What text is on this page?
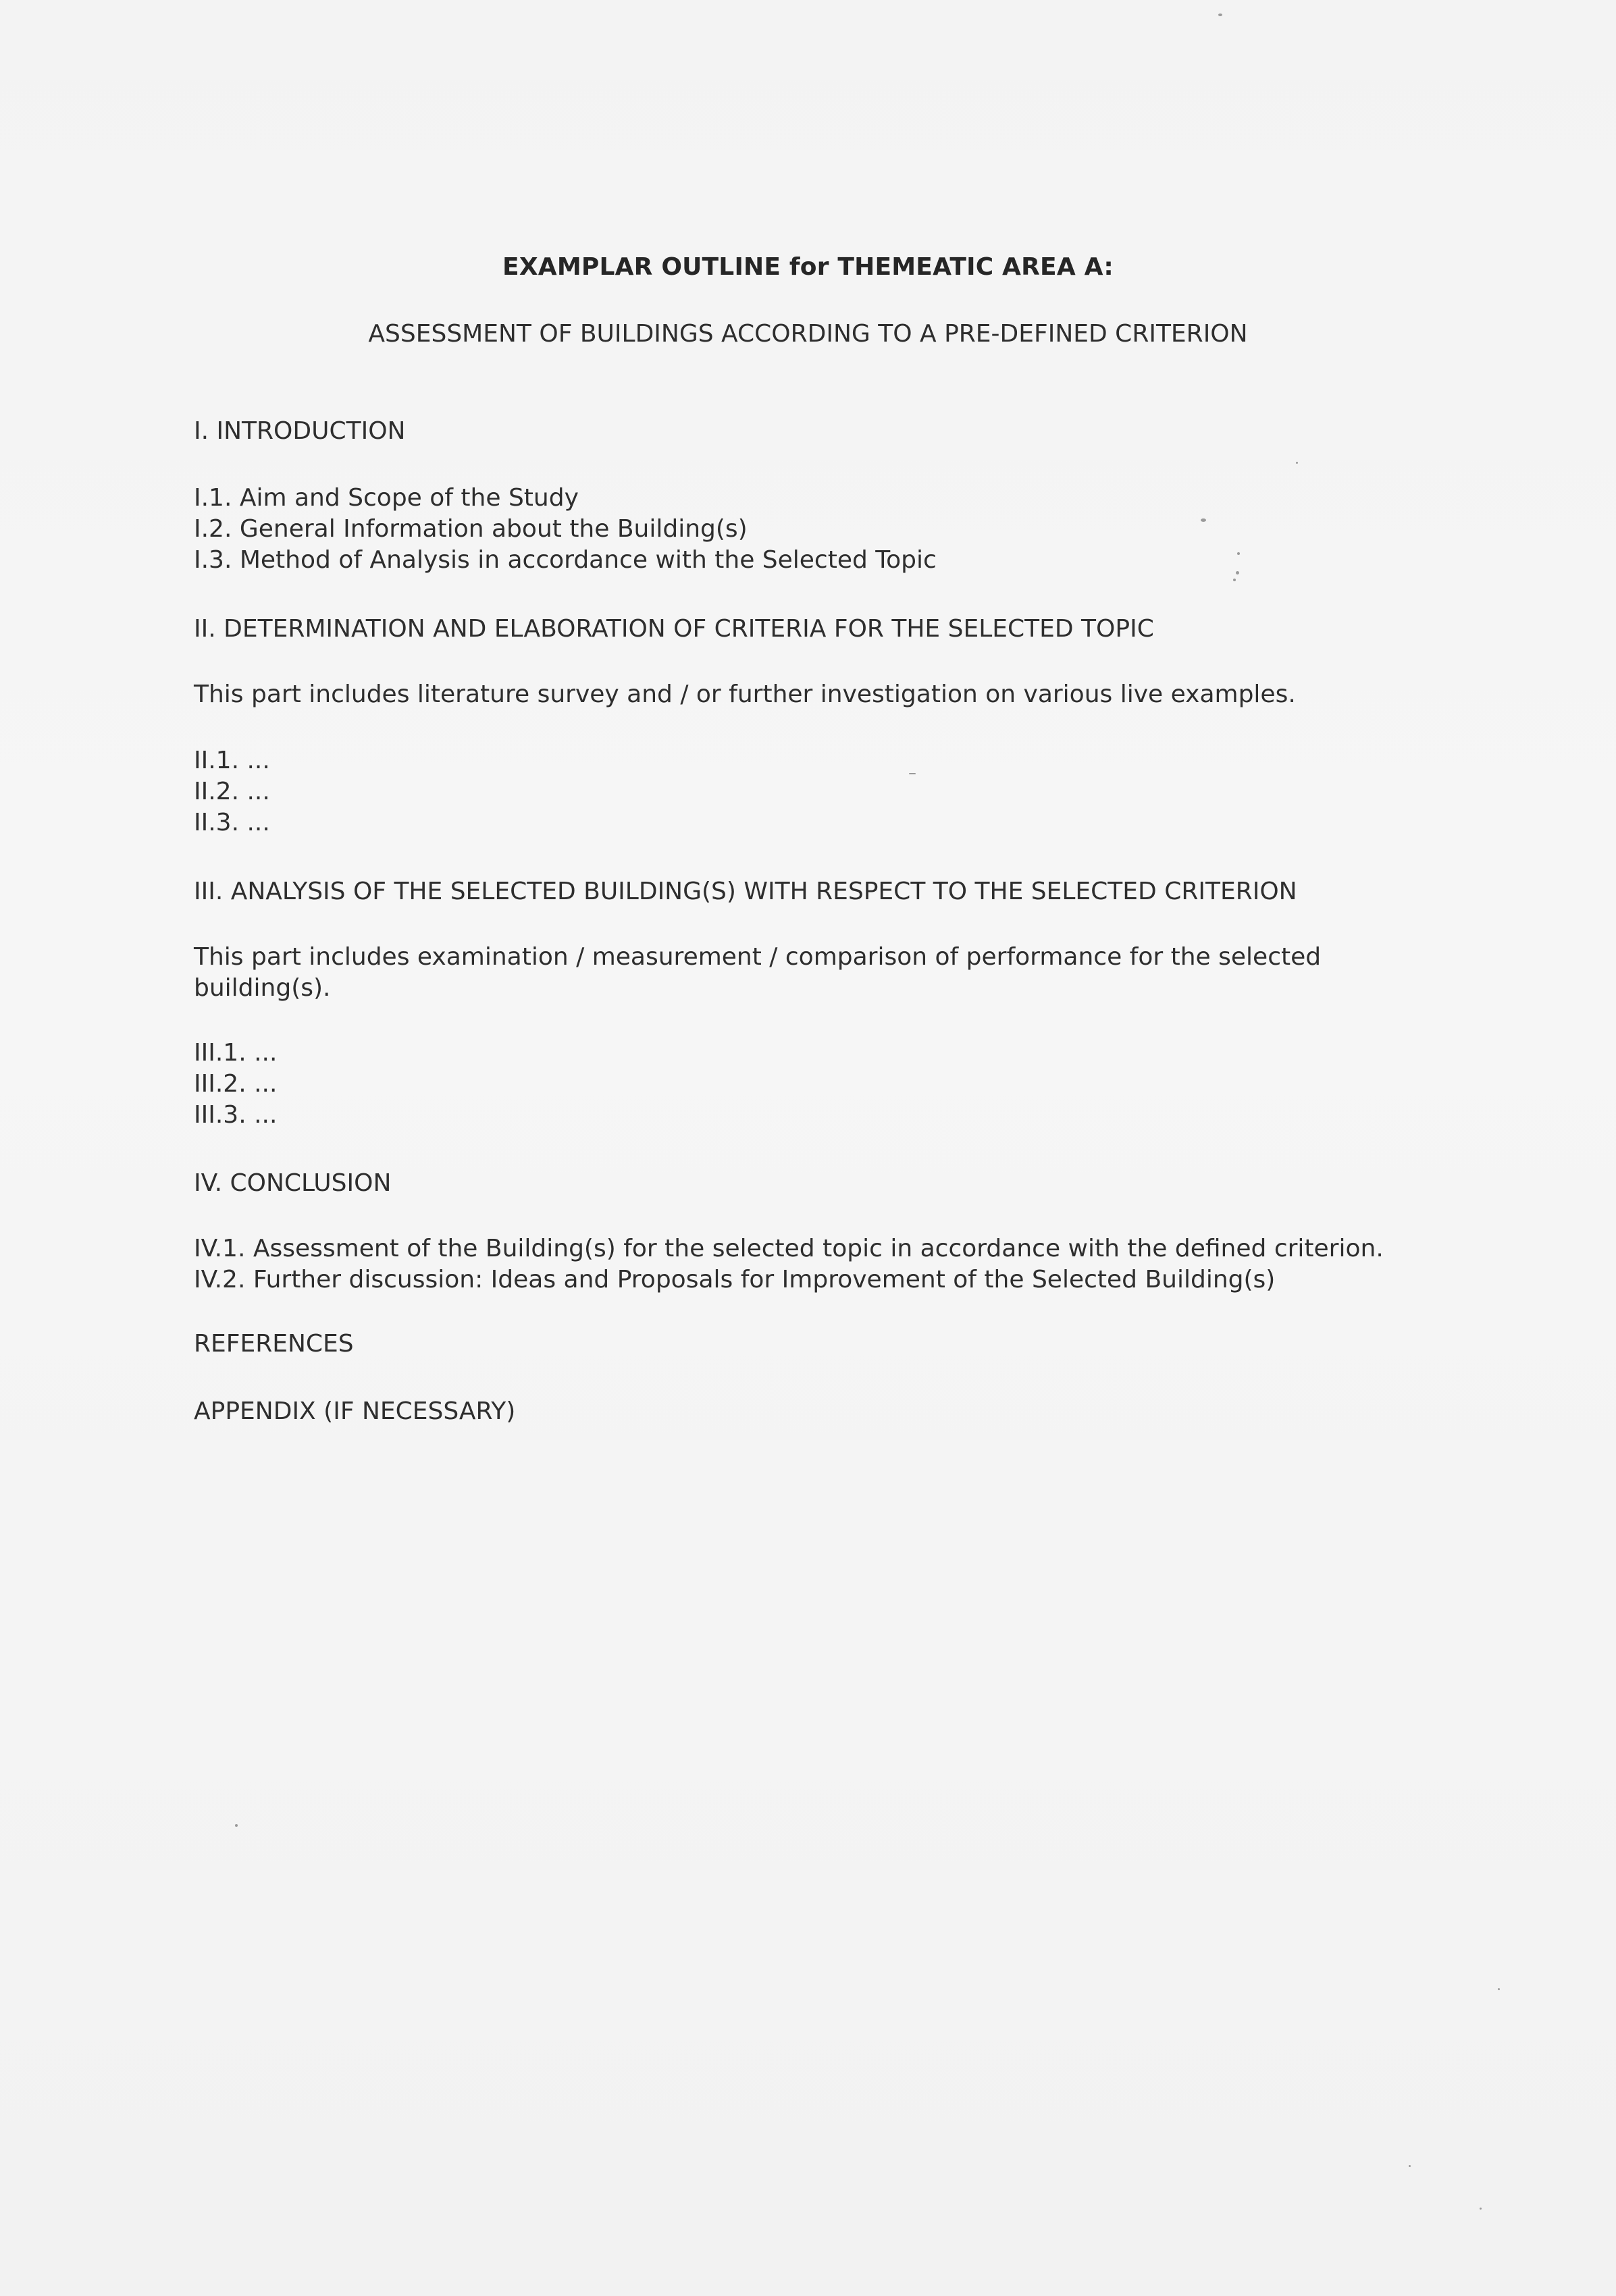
EXAMPLAR OUTLINE for THEMEATIC AREA A:
ASSESSMENT OF BUILDINGS ACCORDING TO A PRE-DEFINED CRITERION
I. INTRODUCTION
I.1. Aim and Scope of the Study
I.2. General Information about the Building(s)
I.3. Method of Analysis in accordance with the Selected Topic
II. DETERMINATION AND ELABORATION OF CRITERIA FOR THE SELECTED TOPIC
This part includes literature survey and / or further investigation on various live examples.
II.1. ...
II.2. ...
II.3. ...
III. ANALYSIS OF THE SELECTED BUILDING(S) WITH RESPECT TO THE SELECTED CRITERION
This part includes examination / measurement / comparison of performance for the selected building(s).
III.1. ...
III.2. ...
III.3. ...
IV. CONCLUSION
IV.1. Assessment of the Building(s) for the selected topic in accordance with the defined criterion.
IV.2. Further discussion: Ideas and Proposals for Improvement of the Selected Building(s)
REFERENCES
APPENDIX (IF NECESSARY)
